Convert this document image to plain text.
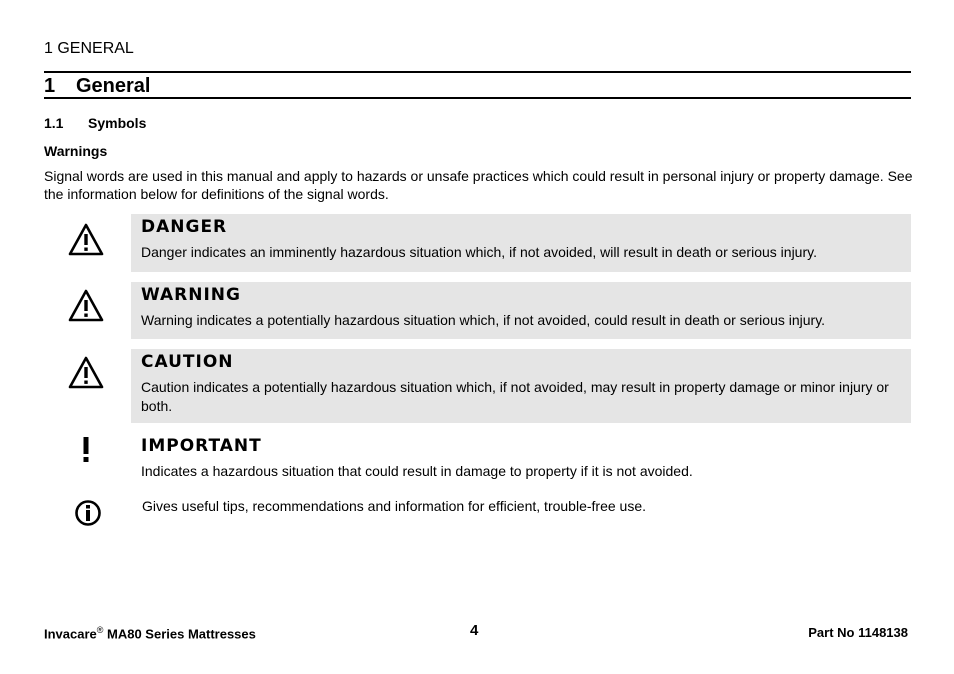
1 GENERAL
1 General
1.1 Symbols
Warnings
Signal words are used in this manual and apply to hazards or unsafe practices which could result in personal injury or property damage. See the information below for definitions of the signal words.
DANGER
Danger indicates an imminently hazardous situation which, if not avoided, will result in death or serious injury.
WARNING
Warning indicates a potentially hazardous situation which, if not avoided, could result in death or serious injury.
CAUTION
Caution indicates a potentially hazardous situation which, if not avoided, may result in property damage or minor injury or both.
IMPORTANT
Indicates a hazardous situation that could result in damage to property if it is not avoided.
Gives useful tips, recommendations and information for efficient, trouble-free use.
Invacare® MA80 Series Mattresses	4	Part No 1148138
